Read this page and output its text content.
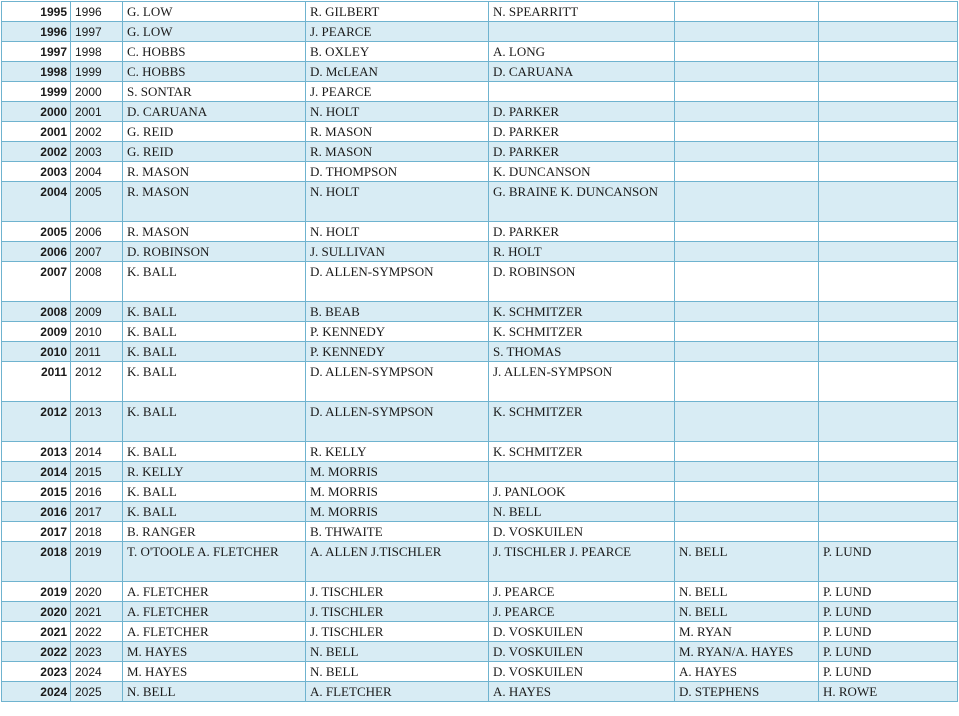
1995	1996	G. LOW	R. GILBERT	N. SPEARRITT		
1996	1997	G. LOW	J. PEARCE			
1997	1998	C. HOBBS	B. OXLEY	A. LONG		
1998	1999	C. HOBBS	D. McLEAN	D. CARUANA		
1999	2000	S. SONTAR	J. PEARCE			
2000	2001	D. CARUANA	N. HOLT	D. PARKER		
2001	2002	G. REID	R. MASON	D. PARKER		
2002	2003	G. REID	R. MASON	D. PARKER		
2003	2004	R. MASON	D. THOMPSON	K. DUNCANSON		
2004	2005	R. MASON	N. HOLT	G. BRAINE K. DUNCANSON		
2005	2006	R. MASON	N. HOLT	D. PARKER		
2006	2007	D. ROBINSON	J. SULLIVAN	R. HOLT		
2007	2008	K. BALL	D. ALLEN-SYMPSON	D. ROBINSON		
2008	2009	K. BALL	B. BEAB	K. SCHMITZER		
2009	2010	K. BALL	P. KENNEDY	K. SCHMITZER		
2010	2011	K. BALL	P. KENNEDY	S. THOMAS		
2011	2012	K. BALL	D. ALLEN-SYMPSON	J. ALLEN-SYMPSON		
2012	2013	K. BALL	D. ALLEN-SYMPSON	K. SCHMITZER		
2013	2014	K. BALL	R. KELLY	K. SCHMITZER		
2014	2015	R. KELLY	M. MORRIS			
2015	2016	K. BALL	M. MORRIS	J. PANLOOK		
2016	2017	K. BALL	M. MORRIS	N. BELL		
2017	2018	B. RANGER	B. THWAITE	D. VOSKUILEN		
2018	2019	T. O'TOOLE A. FLETCHER	A. ALLEN J.TISCHLER	J. TISCHLER J. PEARCE	N. BELL	P. LUND
2019	2020	A. FLETCHER	J. TISCHLER	J. PEARCE	N. BELL	P. LUND
2020	2021	A. FLETCHER	J. TISCHLER	J. PEARCE	N. BELL	P. LUND
2021	2022	A. FLETCHER	J. TISCHLER	D. VOSKUILEN	M. RYAN	P. LUND
2022	2023	M. HAYES	N. BELL	D. VOSKUILEN	M. RYAN/A. HAYES	P. LUND
2023	2024	M. HAYES	N. BELL	D. VOSKUILEN	A. HAYES	P. LUND
2024	2025	N. BELL	A. FLETCHER	A. HAYES	D. STEPHENS	H. ROWE
